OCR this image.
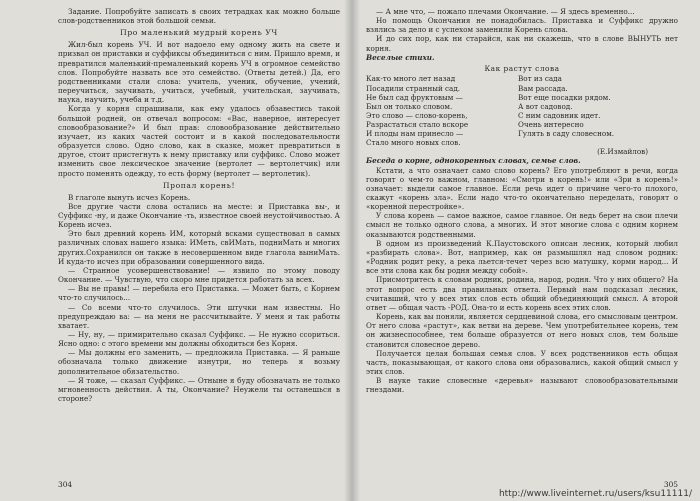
Задание. Попробуйте записать в своих тетрадках как можно больше слов-родственников этой большой семьи.

Про маленький мудрый корень УЧ

Жил-был корень УЧ. И вот надоело ему одному жить на свете и призвал он приставки и суффиксы объединиться с ним. Пришло время, и превратился маленький-премаленький корень УЧ в огромное семейство слов. Попробуйте назвать все это семейство. (Ответы детей.) Да, его родственниками стали слова: учитель, ученик, обучение, учений, переучиться, заучивать, учиться, учебный, учительская, заучивать, наука, научить, учеба и т.д.

Когда у корня спрашивали, как ему удалось обзавестись такой большой родней, он отвечал вопросом: «Вас, наверное, интересует словообразование?» И был прав: словообразование действительно изучает, из каких частей состоит и в какой последовательности образуется слово. Одно слово, как в сказке, может превратиться в другое, стоит пристегнуть к нему приставку или суффикс. Слово может изменить свое лексическое значение (вертолет — вертолетчик) или просто поменять одежду, то есть форму (вертолет — вертолетик).

Пропал корень!

В глаголе вынуть исчез Корень.

Все другие части слова остались на месте: и Приставка вы-, и Суффикс -ну, и даже Окончание -ть, известное своей неустойчивостью. А Корень исчез.

Это был древний корень ИМ, который всками существовал в самых различных словах нашего языка: ИМеть, свИМать, подниМать и многих других.Сохранился он также в несовершенном виде глагола выниМать. И куда-то исчез при образовании совершенного вида.

— Странное усовершенствование! — язвило по этому поводу Окончание. — Чувствую, что скоро мне придется работать за всех.

— Вы не правы! — перебила его Приставка. — Может быть, с Корнем что-то случилось...

— Со всеми что-то случилось. Эти штучки нам известны. Но предупреждаю ва: — на меня не рассчитывайте. У меня и так работы хватает.

— Ну, ну, — примирительно сказал Суффикс. — Не нужно ссориться. Ясно одно: с этого времени мы должны обходиться без Корня.

— Мы должны его заменить, — предложила Приставка. — Я раньше обозначала только движение изнутри, но теперь я возьму дополнительное обязательство.

— Я тоже, — сказал Суффикс. — Отныне я буду обозначать не только мгновенность действия. А ты, Окончание? Неужели ты останешься в стороне?

304

— А мне что, — пожало плечами Окончание. — Я здесь временно...

Но помощь Окончания не понадобилась. Приставка и Суффикс дружно взялись за дело и с успехом заменили Корень слова.

И до сих пор, как ни старайся, как ни скажешь, что в слове ВЫНУТЬ нет корня.

Веселые стихи.

Как растут слова
Как-то много лет назад	Вот из сада
Посадили странный сад.	Вам рассада.
Не был сад фруктовым —	Вот еще посадки рядом.
Был он только словом.	А вот садовод.
Это слово — слово-корень,	С ним садовник идет.
Разрастаться стало вскоре	Очень интересно
И плоды нам принесло —	Гулять в саду словесном.
Стало много новых слов.
(Е.Измайлов)

Беседа о корне, однокоренных словах, семье слов.

Кстати, а что означает само слово корень? Его употребляют в речи, когда говорят о чем-то важном, главном: «Смотри в корень!» или «Зри в корень!» означает: выдели самое главное. Если речь идет о причине чего-то плохого, скажут «корень зла». Если надо что-то окончательно переделать, говорят о «коренной перестройке».

У слова корень — самое важное, самое главное. Он ведь берет на свои плечи смысл не только одного слова, а многих. И этот многие слова с одним корнем оказываются родственными.

В одном из произведений К.Паустовского описан лесник, который любил «разбирать слова». Вот, например, как он размышлял над словом родник: «Родник родит реку, а река льется-течет через всю матушку, корми народ... И все эти слова как бы родня между собой».

Присмотритесь к словам родник, родина, народ, родня. Что у них общего? На этот вопрос есть два правильных ответа. Первый нам подсказал лесник, считавший, что у всех этих слов есть общий объединяющий смысл. А второй ответ — общая часть -РОД. Она-то и есть корень всех этих слов.

Корень, как вы поняли, является сердцевиной слова, его смысловым центром. От него слова «растут», как ветви на дереве. Чем употребительнее корень, тем он жизнеспособнее, тем больше образуется от него новых слов, тем больше становится словесное дерево.

Получается целая большая семья слов. У всех родственников есть общая часть, показывающая, от какого слова они образовались, какой общий смысл у этих слов.

В науке такие словесные «деревья» называют словообразовательными гнездами.

305
http://www.liveinternet.ru/users/ksu11111/
